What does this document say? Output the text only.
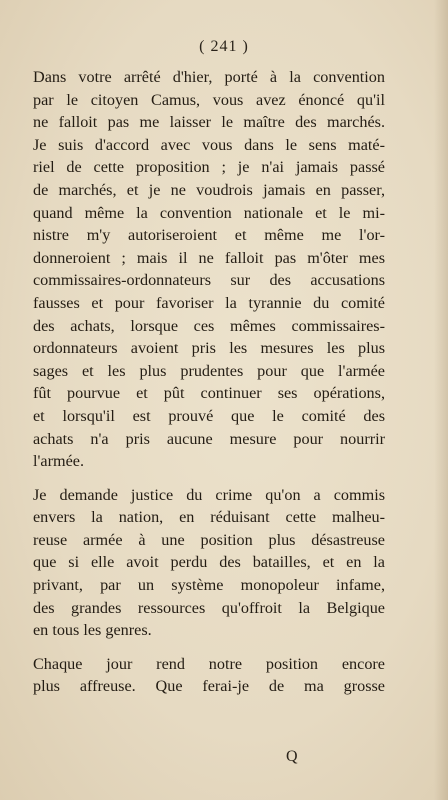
( 241 )
Dans votre arrêté d'hier, porté à la convention
par le citoyen Camus, vous avez énoncé qu'il
ne falloit pas me laisser le maître des marchés.
Je suis d'accord avec vous dans le sens maté-
riel de cette proposition ; je n'ai jamais passé
de marchés, et je ne voudrois jamais en passer,
quand même la convention nationale et le mi-
nistre m'y autoriseroient et même me l'or-
donneroient ; mais il ne falloit pas m'ôter mes
commissaires-ordonnateurs sur des accusations
fausses et pour favoriser la tyrannie du comité
des achats, lorsque ces mêmes commissaires-
ordonnateurs avoient pris les mesures les plus
sages et les plus prudentes pour que l'armée
fût pourvue et pût continuer ses opérations,
et lorsqu'il est prouvé que le comité des
achats n'a pris aucune mesure pour nourrir
l'armée.
Je demande justice du crime qu'on a commis
envers la nation, en réduisant cette malheu-
reuse armée à une position plus désastreuse
que si elle avoit perdu des batailles, et en la
privant, par un système monopoleur infame,
des grandes ressources qu'offroit la Belgique
en tous les genres.
Chaque jour rend notre position encore
plus affreuse. Que ferai-je de ma grosse
Q
